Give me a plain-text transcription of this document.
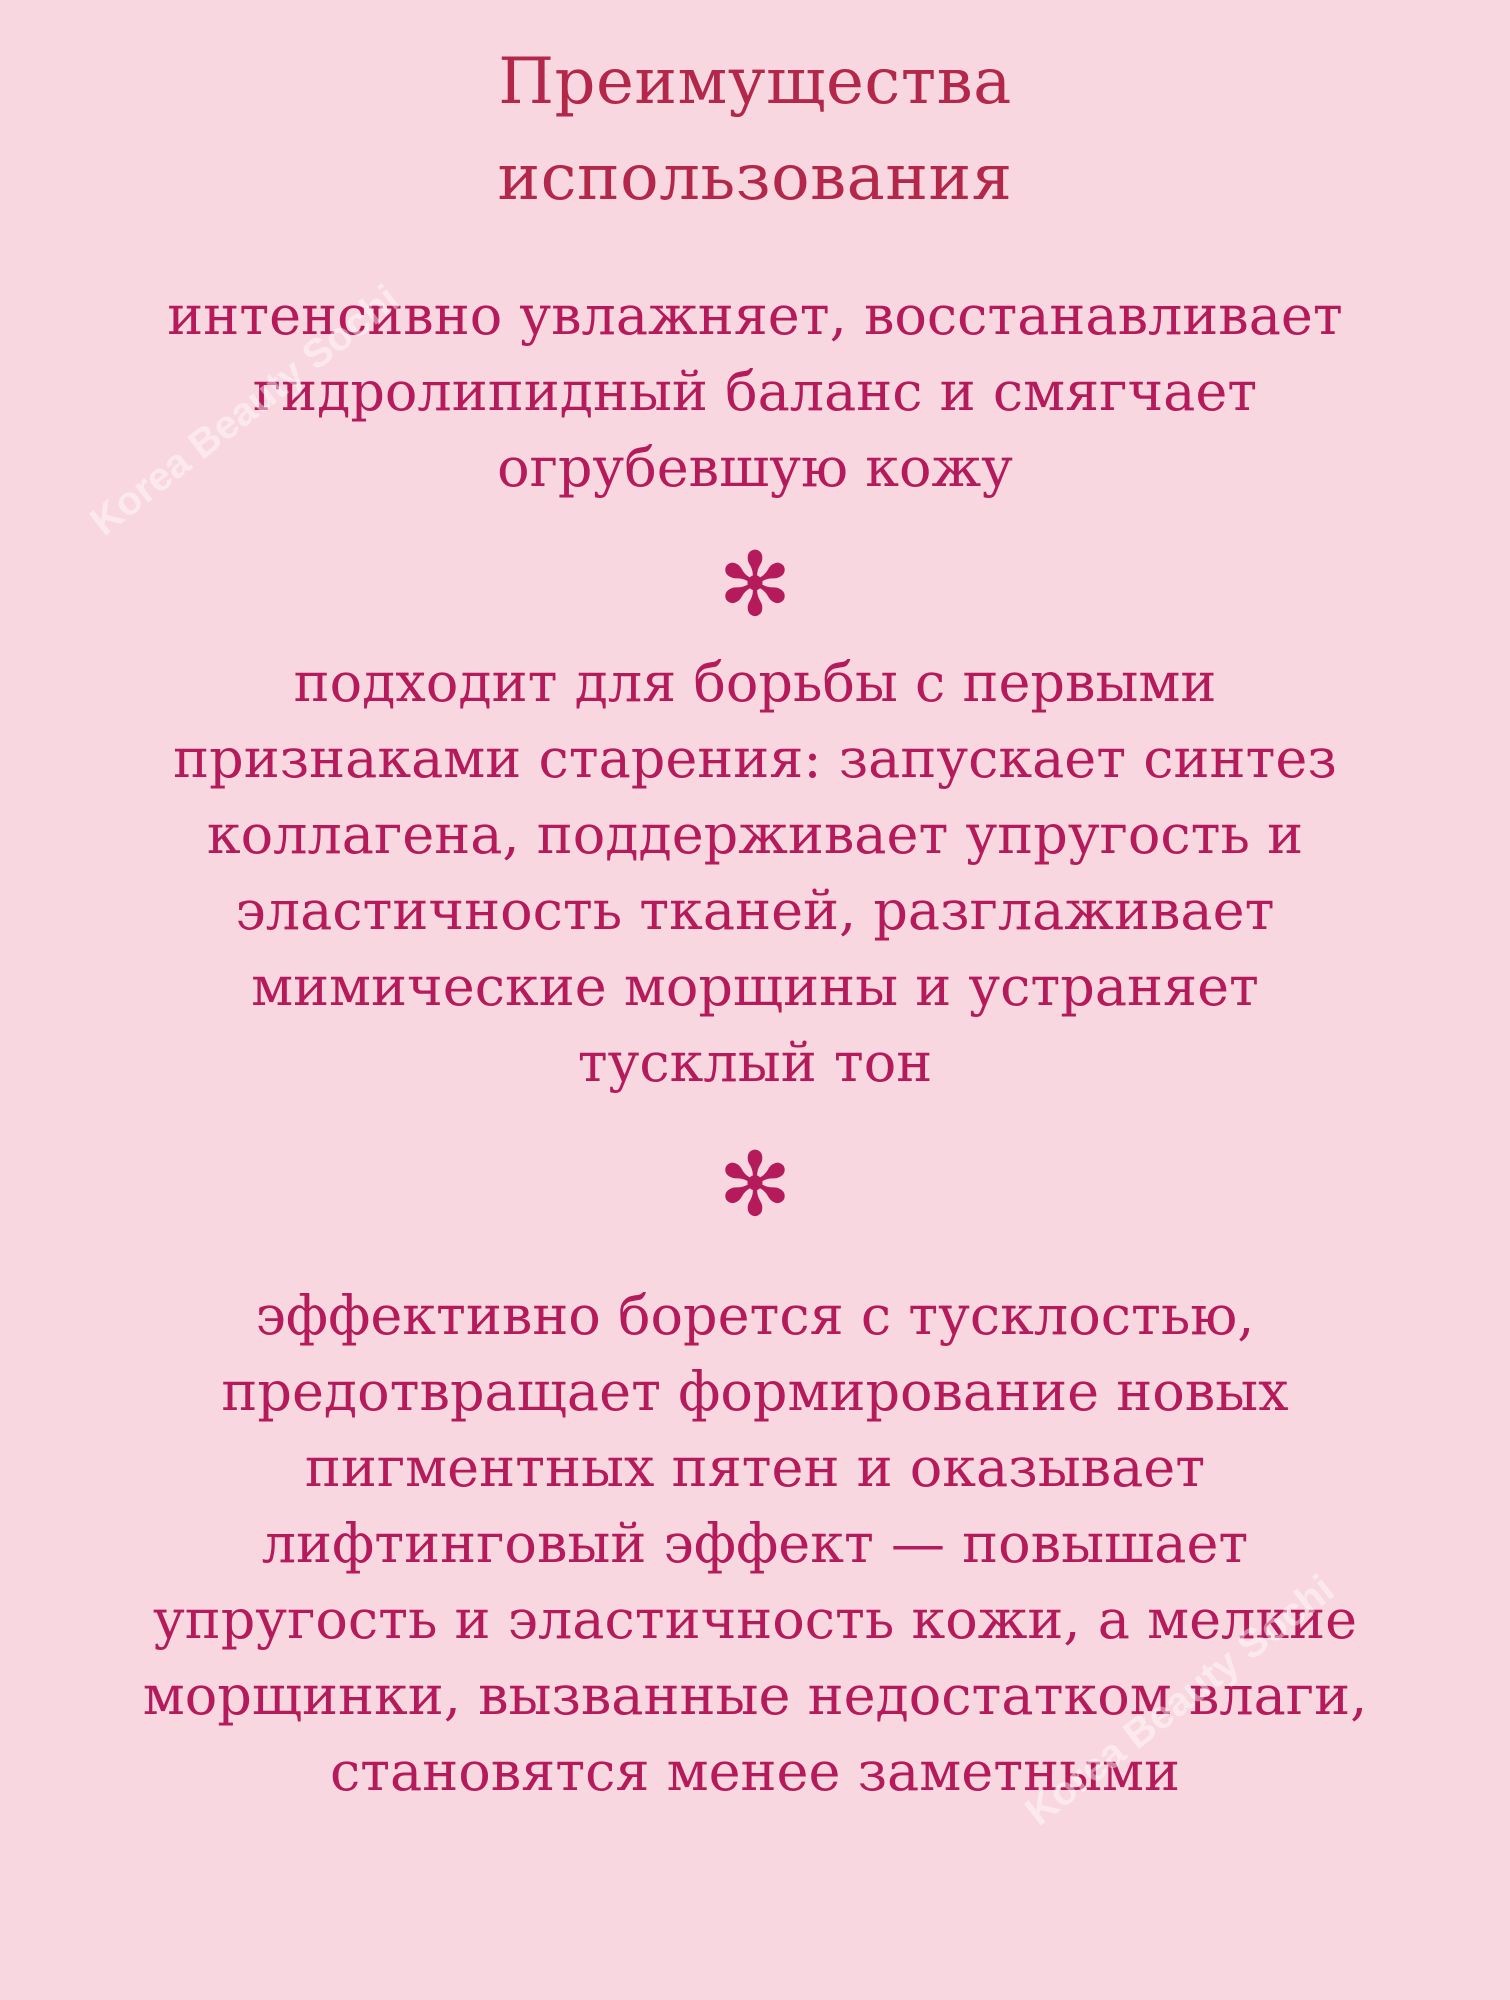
Преимущества
использования
интенсивно увлажняет, восстанавливает
гидролипидный баланс и смягчает
огрубевшую кожу
✻
подходит для борьбы с первыми
признаками старения: запускает синтез
коллагена, поддерживает упругость и
эластичность тканей, разглаживает
мимические морщины и устраняет
тусклый тон
✻
эффективно борется с тусклостью,
предотвращает формирование новых
пигментных пятен и оказывает
лифтинговый эффект — повышает
упругость и эластичность кожи, а мелкие
морщинки, вызванные недостатком влаги,
становятся менее заметными
Korea Beauty Sochi
Korea Beauty Sochi
